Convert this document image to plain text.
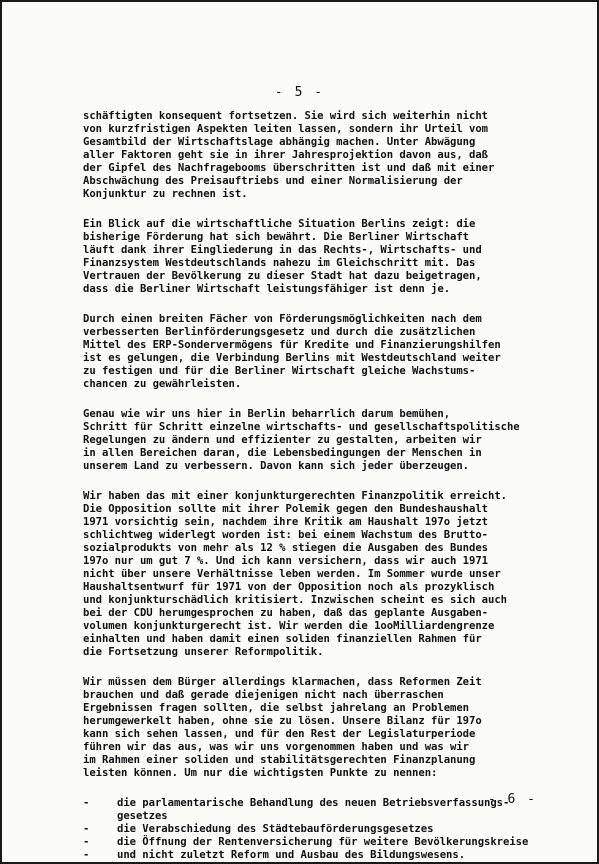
- 5 -
schäftigten konsequent fortsetzen. Sie wird sich weiterhin nicht
von kurzfristigen Aspekten leiten lassen, sondern ihr Urteil vom
Gesamtbild der Wirtschaftslage abhängig machen. Unter Abwägung
aller Faktoren geht sie in ihrer Jahresprojektion davon aus, daß
der Gipfel des Nachfragebooms überschritten ist und daß mit einer
Abschwächung des Preisauftriebs und einer Normalisierung der
Konjunktur zu rechnen ist.
Ein Blick auf die wirtschaftliche Situation Berlins zeigt: die
bisherige Förderung hat sich bewährt. Die Berliner Wirtschaft
läuft dank ihrer Eingliederung in das Rechts-, Wirtschafts- und
Finanzsystem Westdeutschlands nahezu im Gleichschritt mit. Das
Vertrauen der Bevölkerung zu dieser Stadt hat dazu beigetragen,
dass die Berliner Wirtschaft leistungsfähiger ist denn je.
Durch einen breiten Fächer von Förderungsmöglichkeiten nach dem
verbesserten Berlinförderungsgesetz und durch die zusätzlichen
Mittel des ERP-Sondervermögens für Kredite und Finanzierungshilfen
ist es gelungen, die Verbindung Berlins mit Westdeutschland weiter
zu festigen und für die Berliner Wirtschaft gleiche Wachstums-
chancen zu gewährleisten.
Genau wie wir uns hier in Berlin beharrlich darum bemühen,
Schritt für Schritt einzelne wirtschafts- und gesellschaftspolitische
Regelungen zu ändern und effizienter zu gestalten, arbeiten wir
in allen Bereichen daran, die Lebensbedingungen der Menschen in
unserem Land zu verbessern. Davon kann sich jeder überzeugen.
Wir haben das mit einer konjunkturgerechten Finanzpolitik erreicht.
Die Opposition sollte mit ihrer Polemik gegen den Bundeshaushalt
1971 vorsichtig sein, nachdem ihre Kritik am Haushalt 197o jetzt
schlichtweg widerlegt worden ist: bei einem Wachstum des Brutto-
sozialprodukts von mehr als 12 % stiegen die Ausgaben des Bundes
197o nur um gut 7 %. Und ich kann versichern, dass wir auch 1971
nicht über unsere Verhältnisse leben werden. Im Sommer wurde unser
Haushaltsentwurf für 1971 von der Opposition noch als prozyklisch
und konjunkturschädlich kritisiert. Inzwischen scheint es sich auch
bei der CDU herumgesprochen zu haben, daß das geplante Ausgaben-
volumen konjunkturgerecht ist. Wir werden die 1ooMilliardengrenze
einhalten und haben damit einen soliden finanziellen Rahmen für
die Fortsetzung unserer Reformpolitik.
Wir müssen dem Bürger allerdings klarmachen, dass Reformen Zeit
brauchen und daß gerade diejenigen nicht nach überraschen
Ergebnissen fragen sollten, die selbst jahrelang an Problemen
herumgewerkelt haben, ohne sie zu lösen. Unsere Bilanz für 197o
kann sich sehen lassen, und für den Rest der Legislaturperiode
führen wir das aus, was wir uns vorgenommen haben und was wir
im Rahmen einer soliden und stabilitätsgerechten Finanzplanung
leisten können. Um nur die wichtigsten Punkte zu nennen:
-	die parlamentarische Behandlung des neuen Betriebsverfassungs-
gesetzes
-	die Verabschiedung des Städtebauförderungsgesetzes
-	die Öffnung der Rentenversicherung für weitere Bevölkerungskreise
-	und nicht zuletzt Reform und Ausbau des Bildungswesens.
- 6 -
